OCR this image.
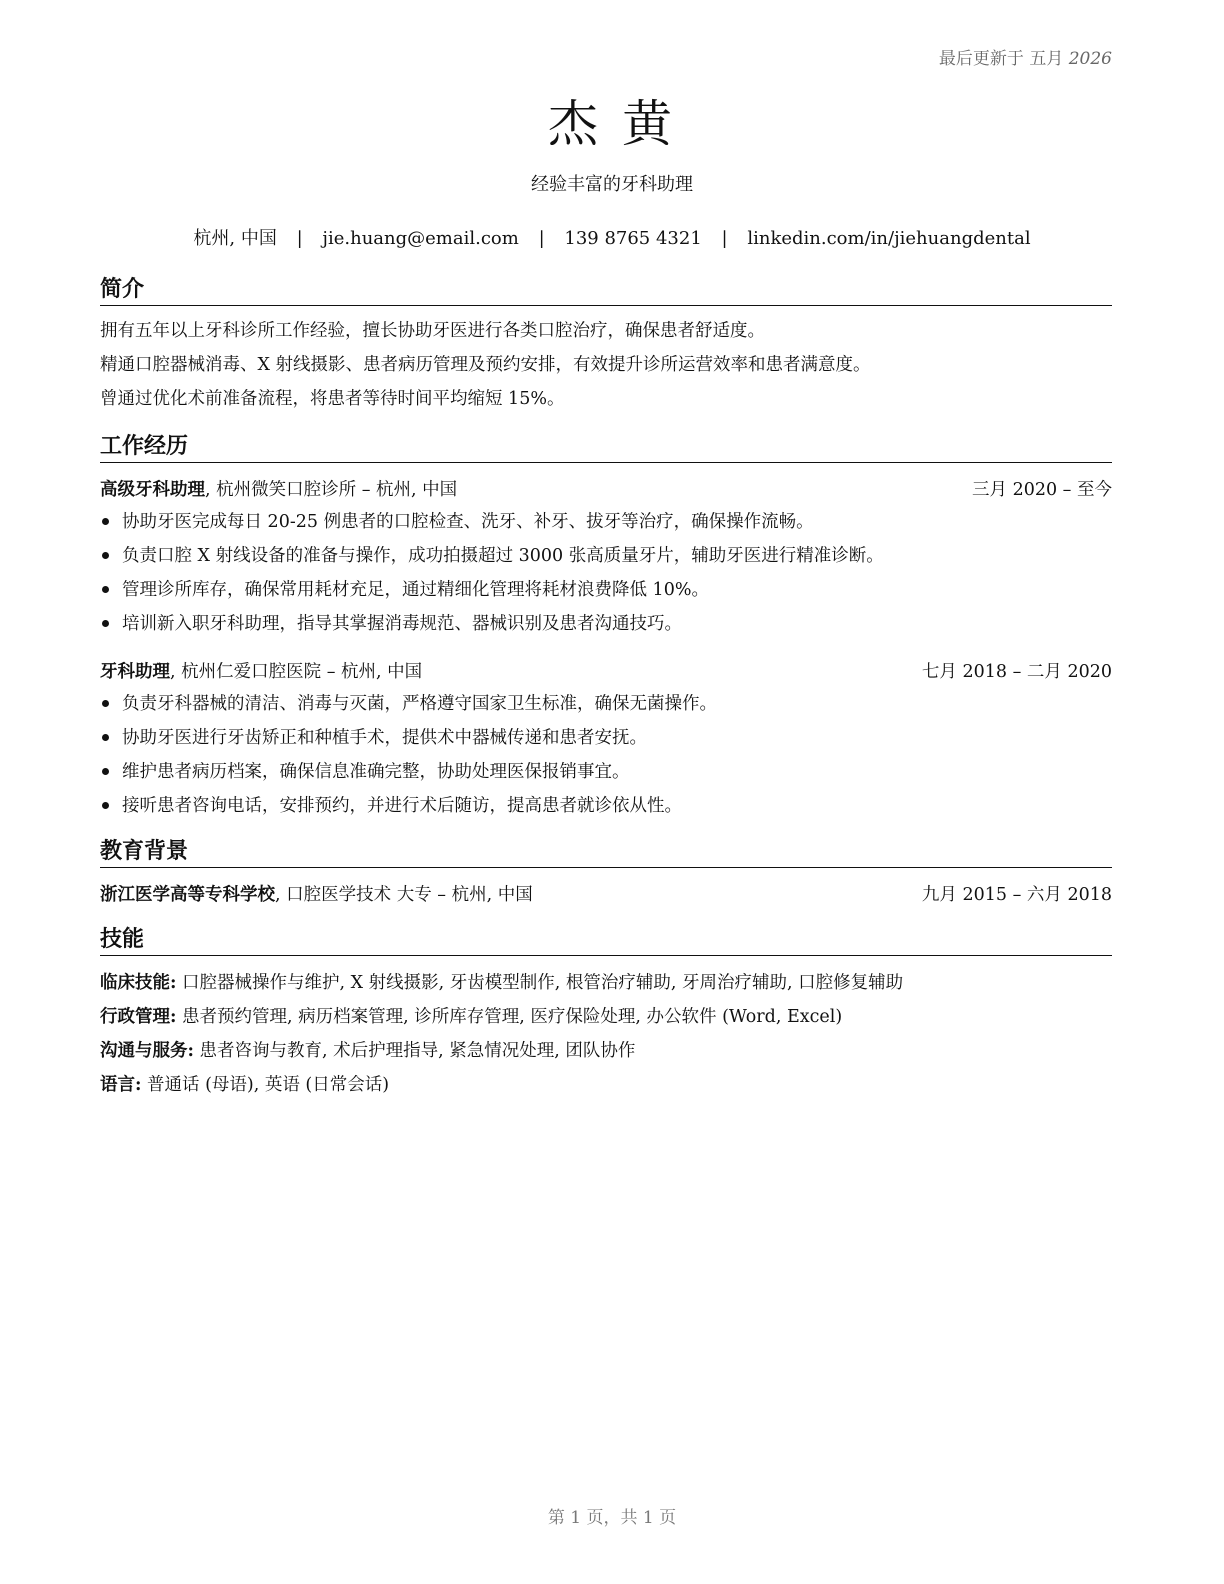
最后更新于 五月 2026
杰 黄
经验丰富的牙科助理
杭州, 中国 | jie.huang@email.com | 139 8765 4321 | linkedin.com/in/jiehuangdental
简介
拥有五年以上牙科诊所工作经验，擅长协助牙医进行各类口腔治疗，确保患者舒适度。
精通口腔器械消毒、X 射线摄影、患者病历管理及预约安排，有效提升诊所运营效率和患者满意度。
曾通过优化术前准备流程，将患者等待时间平均缩短 15%。
工作经历
高级牙科助理, 杭州微笑口腔诊所 – 杭州, 中国	三月 2020 – 至今
协助牙医完成每日 20-25 例患者的口腔检查、洗牙、补牙、拔牙等治疗，确保操作流畅。
负责口腔 X 射线设备的准备与操作，成功拍摄超过 3000 张高质量牙片，辅助牙医进行精准诊断。
管理诊所库存，确保常用耗材充足，通过精细化管理将耗材浪费降低 10%。
培训新入职牙科助理，指导其掌握消毒规范、器械识别及患者沟通技巧。
牙科助理, 杭州仁爱口腔医院 – 杭州, 中国	七月 2018 – 二月 2020
负责牙科器械的清洁、消毒与灭菌，严格遵守国家卫生标准，确保无菌操作。
协助牙医进行牙齿矫正和种植手术，提供术中器械传递和患者安抚。
维护患者病历档案，确保信息准确完整，协助处理医保报销事宜。
接听患者咨询电话，安排预约，并进行术后随访，提高患者就诊依从性。
教育背景
浙江医学高等专科学校, 口腔医学技术 大专 – 杭州, 中国	九月 2015 – 六月 2018
技能
临床技能: 口腔器械操作与维护, X 射线摄影, 牙齿模型制作, 根管治疗辅助, 牙周治疗辅助, 口腔修复辅助
行政管理: 患者预约管理, 病历档案管理, 诊所库存管理, 医疗保险处理, 办公软件 (Word, Excel)
沟通与服务: 患者咨询与教育, 术后护理指导, 紧急情况处理, 团队协作
语言: 普通话 (母语), 英语 (日常会话)
第 1 页，共 1 页
